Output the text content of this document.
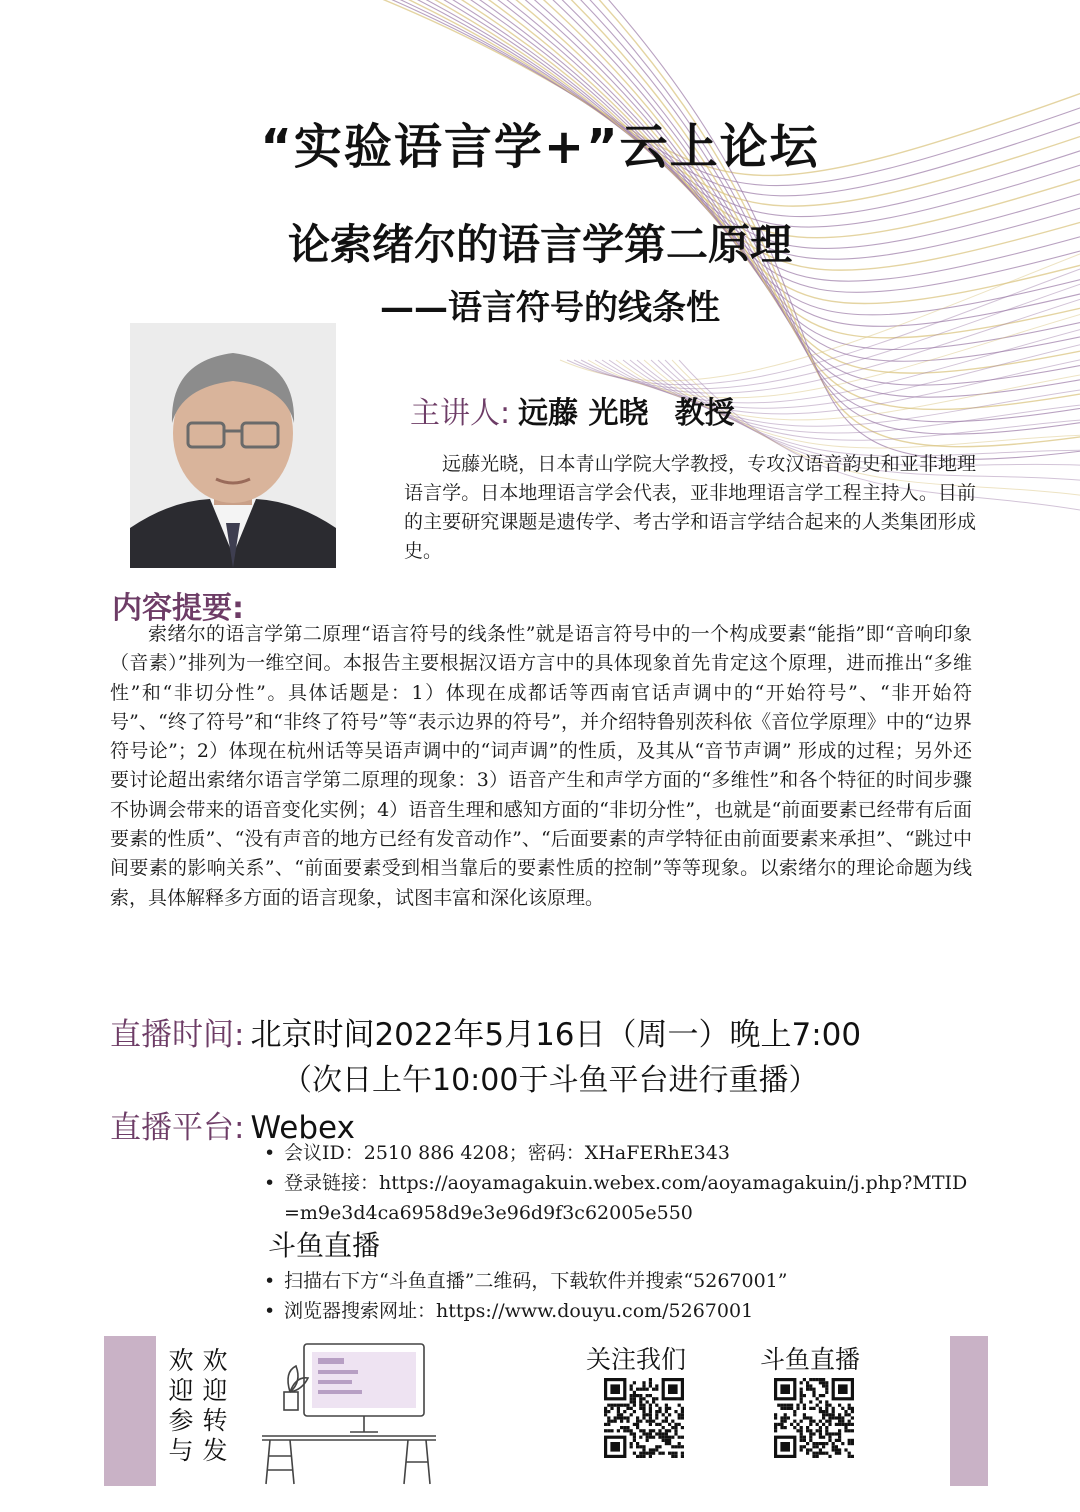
“实验语言学+”云上论坛
论索绪尔的语言学第二原理
——语言符号的线条性
主讲人: 远藤 光晓 教授
远藤光晓，日本青山学院大学教授，专攻汉语音韵史和亚非地理语言学。日本地理语言学会代表，亚非地理语言学工程主持人。目前的主要研究课题是遗传学、考古学和语言学结合起来的人类集团形成史。
内容提要:
索绪尔的语言学第二原理“语言符号的线条性”就是语言符号中的一个构成要素“能指”即“音响印象（音素）”排列为一维空间。本报告主要根据汉语方言中的具体现象首先肯定这个原理，进而推出“多维性”和“非切分性”。具体话题是：1）体现在成都话等西南官话声调中的“开始符号”、“非开始符号”、“终了符号”和“非终了符号”等“表示边界的符号”，并介绍特鲁别茨科依《音位学原理》中的“边界符号论”；2）体现在杭州话等吴语声调中的“词声调”的性质，及其从“音节声调” 形成的过程；另外还要讨论超出索绪尔语言学第二原理的现象：3）语音产生和声学方面的“多维性”和各个特征的时间步骤不协调会带来的语音变化实例；4）语音生理和感知方面的“非切分性”，也就是“前面要素已经带有后面要素的性质”、“没有声音的地方已经有发音动作”、“后面要素的声学特征由前面要素来承担”、“跳过中间要素的影响关系”、“前面要素受到相当靠后的要素性质的控制”等等现象。以索绪尔的理论命题为线索，具体解释多方面的语言现象，试图丰富和深化该原理。
直播时间: 北京时间2022年5月16日（周一）晚上7:00
（次日上午10:00于斗鱼平台进行重播）
直播平台: Webex
• 会议ID：2510 886 4208；密码：XHaFERhE343
• 登录链接：https://aoyamagakuin.webex.com/aoyamagakuin/j.php?MTID=m9e3d4ca6958d9e3e96d9f3c62005e550
斗鱼直播
• 扫描右下方“斗鱼直播”二维码，下载软件并搜索“5267001”
• 浏览器搜索网址：https://www.douyu.com/5267001
欢迎转发
欢迎参与
关注我们	斗鱼直播
